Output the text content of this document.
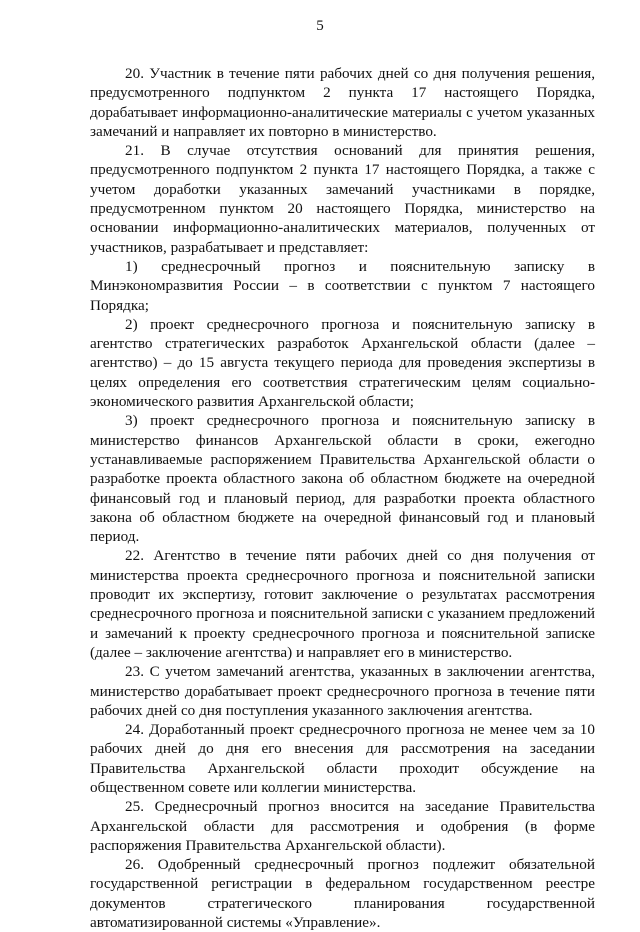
5

20. Участник в течение пяти рабочих дней со дня получения решения, предусмотренного подпунктом 2 пункта 17 настоящего Порядка, дорабатывает информационно-аналитические материалы с учетом указанных замечаний и направляет их повторно в министерство.

21. В случае отсутствия оснований для принятия решения, предусмотренного подпунктом 2 пункта 17 настоящего Порядка, а также с учетом доработки указанных замечаний участниками в порядке, предусмотренном пунктом 20 настоящего Порядка, министерство на основании информационно-аналитических материалов, полученных от участников, разрабатывает и представляет:

1) среднесрочный прогноз и пояснительную записку в Минэкономразвития России – в соответствии с пунктом 7 настоящего Порядка;

2) проект среднесрочного прогноза и пояснительную записку в агентство стратегических разработок Архангельской области (далее – агентство) – до 15 августа текущего периода для проведения экспертизы в целях определения его соответствия стратегическим целям социально-экономического развития Архангельской области;

3) проект среднесрочного прогноза и пояснительную записку в министерство финансов Архангельской области в сроки, ежегодно устанавливаемые распоряжением Правительства Архангельской области о разработке проекта областного закона об областном бюджете на очередной финансовый год и плановый период, для разработки проекта областного закона об областном бюджете на очередной финансовый год и плановый период.

22. Агентство в течение пяти рабочих дней со дня получения от министерства проекта среднесрочного прогноза и пояснительной записки проводит их экспертизу, готовит заключение о результатах рассмотрения среднесрочного прогноза и пояснительной записки с указанием предложений и замечаний к проекту среднесрочного прогноза и пояснительной записке (далее – заключение агентства) и направляет его в министерство.

23. С учетом замечаний агентства, указанных в заключении агентства, министерство дорабатывает проект среднесрочного прогноза в течение пяти рабочих дней со дня поступления указанного заключения агентства.

24. Доработанный проект среднесрочного прогноза не менее чем за 10 рабочих дней до дня его внесения для рассмотрения на заседании Правительства Архангельской области проходит обсуждение на общественном совете или коллегии министерства.

25. Среднесрочный прогноз вносится на заседание Правительства Архангельской области для рассмотрения и одобрения (в форме распоряжения Правительства Архангельской области).

26. Одобренный среднесрочный прогноз подлежит обязательной государственной регистрации в федеральном государственном реестре документов стратегического планирования государственной автоматизированной системы «Управление».
